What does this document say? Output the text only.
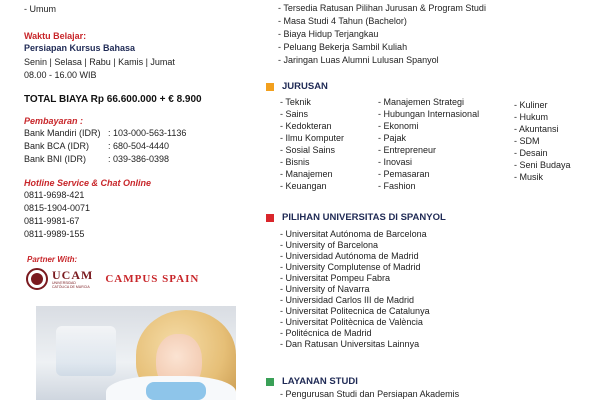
- Umum
Waktu Belajar:
Persiapan Kursus Bahasa
Senin | Selasa | Rabu | Kamis | Jumat
08.00 - 16.00 WIB
TOTAL BIAYA Rp 66.600.000 + € 8.900
Pembayaran :
Bank Mandiri (IDR) : 103-000-563-1136
Bank BCA (IDR)	: 680-504-4440
Bank BNI (IDR)	: 039-386-0398
Hotline Service & Chat Online
0811-9698-421
0815-1904-0071
0811-9981-67
0811-9989-155
Partner With:
UCAM
UNIVERSIDAD
CATÓLICA DE MURCIA
CAMPUS SPAIN
- Tersedia Ratusan Pilihan Jurusan & Program Studi
- Masa Studi 4 Tahun (Bachelor)
- Biaya Hidup Terjangkau
- Peluang Bekerja Sambil Kuliah
- Jaringan Luas Alumni Lulusan Spanyol
JURUSAN
- Teknik
- Sains
- Kedokteran
- Ilmu Komputer
- Sosial Sains
- Bisnis
- Manajemen
- Keuangan
- Manajemen Strategi
- Hubungan Internasional
- Ekonomi
- Pajak
- Entrepreneur
- Inovasi
- Pemasaran
- Fashion
- Kuliner
- Hukum
- Akuntansi
- SDM
- Desain
- Seni Budaya
- Musik
PILIHAN UNIVERSITAS DI SPANYOL
- Universitat Autónoma de Barcelona
- University of Barcelona
- Universidad Autónoma de Madrid
- University Complutense of Madrid
- Universitat Pompeu Fabra
- University of Navarra
- Universidad Carlos III de Madrid
- Universitat Politecnica de Catalunya
- Universitat Politècnica de València
- Politécnica de Madrid
- Dan Ratusan Universitas Lainnya
LAYANAN STUDI
- Pengurusan Studi dan Persiapan Akademis
